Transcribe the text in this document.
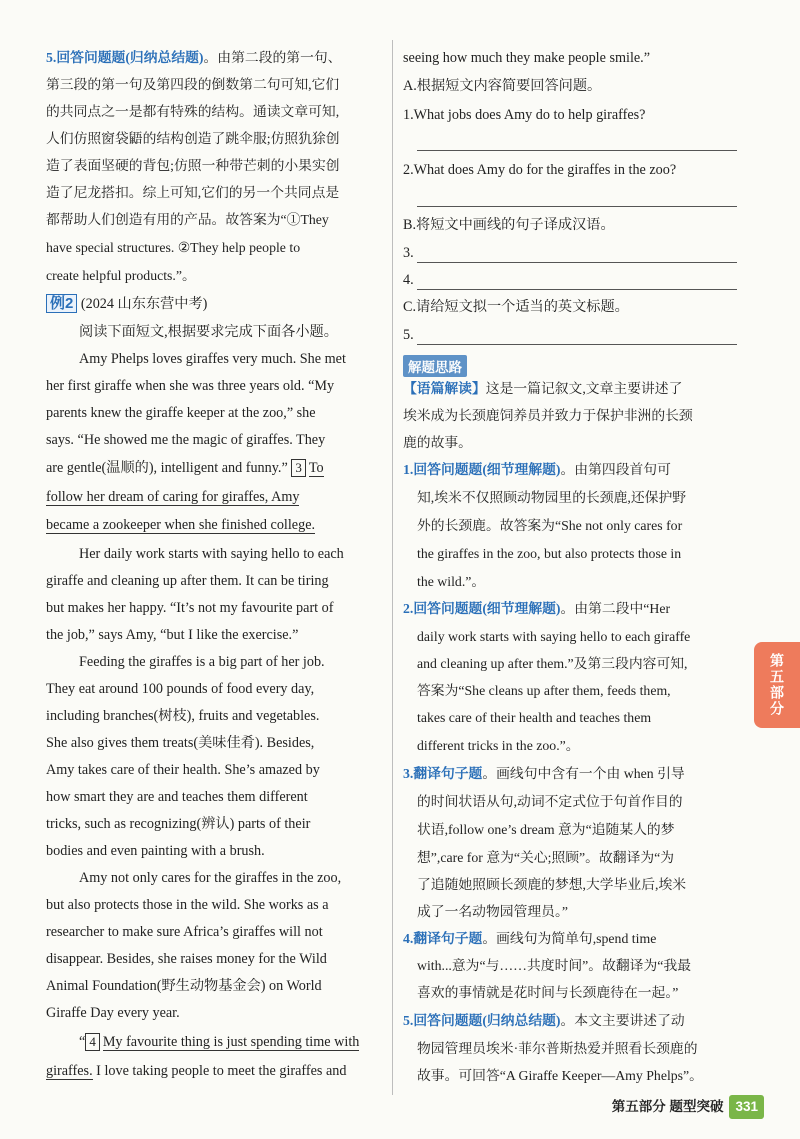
5.回答问题题(归纳总结题)。由第二段的第一句、
第三段的第一句及第四段的倒数第二句可知,它们
的共同点之一是都有特殊的结构。通读文章可知,
人们仿照窗袋鼯的结构创造了跳伞服;仿照犰狳创
造了表面坚硬的背包;仿照一种带芒刺的小果实创
造了尼龙搭扣。综上可知,它们的另一个共同点是
都帮助人们创造有用的产品。故答案为“①They
have special structures. ②They help people to
create helpful products.”。
例2 (2024 山东东营中考)
阅读下面短文,根据要求完成下面各小题。
Amy Phelps loves giraffes very much. She met
her first giraffe when she was three years old. “My
parents knew the giraffe keeper at the zoo,” she
says. “He showed me the magic of giraffes. They
are gentle(温顺的), intelligent and funny.” 3 To
follow her dream of caring for giraffes, Amy
became a zookeeper when she finished college.
Her daily work starts with saying hello to each
giraffe and cleaning up after them. It can be tiring
but makes her happy. “It’s not my favourite part of
the job,” says Amy, “but I like the exercise.”
Feeding the giraffes is a big part of her job.
They eat around 100 pounds of food every day,
including branches(树枝), fruits and vegetables.
She also gives them treats(美味佳肴). Besides,
Amy takes care of their health. She’s amazed by
how smart they are and teaches them different
tricks, such as recognizing(辨认) parts of their
bodies and even painting with a brush.
Amy not only cares for the giraffes in the zoo,
but also protects those in the wild. She works as a
researcher to make sure Africa’s giraffes will not
disappear. Besides, she raises money for the Wild
Animal Foundation(野生动物基金会) on World
Giraffe Day every year.
“ 4 My favourite thing is just spending time with
giraffes. I love taking people to meet the giraffes and
seeing how much they make people smile.”
A.根据短文内容简要回答问题。
1.What jobs does Amy do to help giraffes?
2.What does Amy do for the giraffes in the zoo?
B.将短文中画线的句子译成汉语。
3.
4.
C.请给短文拟一个适当的英文标题。
5.
解题思路
【语篇解读】这是一篇记叙文,文章主要讲述了
埃米成为长颈鹿饲养员并致力于保护非洲的长颈
鹿的故事。
1.回答问题题(细节理解题)。由第四段首句可
知,埃米不仅照顾动物园里的长颈鹿,还保护野
外的长颈鹿。故答案为“She not only cares for
the giraffes in the zoo, but also protects those in
the wild.”。
2.回答问题题(细节理解题)。由第二段中“Her
daily work starts with saying hello to each giraffe
and cleaning up after them.”及第三段内容可知,
答案为“She cleans up after them, feeds them,
takes care of their health and teaches them
different tricks in the zoo.”。
3.翻译句子题。画线句中含有一个由 when 引导
的时间状语从句,动词不定式位于句首作目的
状语,follow one’s dream 意为“追随某人的梦
想”,care for 意为“关心;照顾”。故翻译为“为
了追随她照顾长颈鹿的梦想,大学毕业后,埃米
成了一名动物园管理员。”
4.翻译句子题。画线句为简单句,spend time
with...意为“与……共度时间”。故翻译为“我最
喜欢的事情就是花时间与长颈鹿待在一起。”
5.回答问题题(归纳总结题)。本文主要讲述了动
物园管理员埃米·菲尔普斯热爱并照看长颈鹿的
故事。可回答“A Giraffe Keeper—Amy Phelps”。
第五部分
第五部分 题型突破 331
